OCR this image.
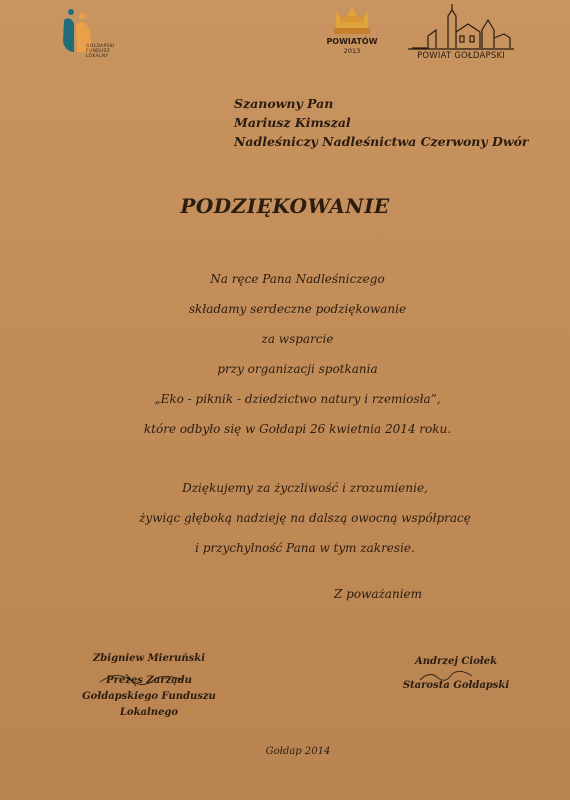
GOŁDAPSKI
FUNDUSZ
LOKALNY
POWIATÓW
2013	POWIAT GOŁDAPSKI
Szanowny Pan
Mariusz Kimszal
Nadleśniczy Nadleśnictwa Czerwony Dwór
PODZIĘKOWANIE
Na ręce Pana Nadleśniczego
składamy serdeczne podziękowanie
za wsparcie
przy organizacji spotkania
„Eko - piknik - dziedzictwo natury i rzemiosła”,
które odbyło się w Gołdapi 26 kwietnia 2014 roku.
Dziękujemy za życzliwość i zrozumienie,
żywiąc głęboką nadzieję na dalszą owocną współpracę
i przychylność Pana w tym zakresie.
Z poważaniem
Zbigniew Mieruński
Prezes Zarządu
Gołdapskiego Funduszu
Lokalnego
Andrzej Ciołek
Starosta Gołdapski
Gołdap 2014
